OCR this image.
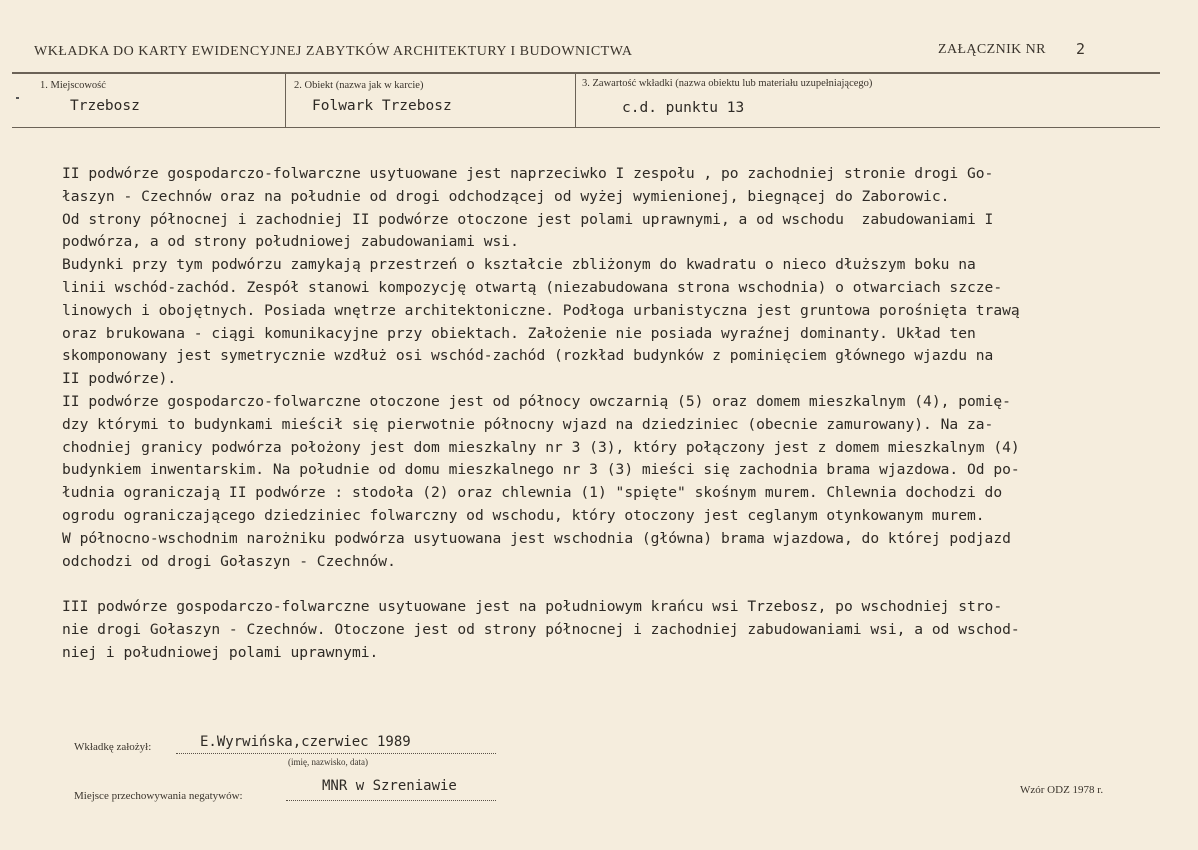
WKŁADKA DO KARTY EWIDENCYJNEJ ZABYTKÓW ARCHITEKTURY I BUDOWNICTWA	ZAŁĄCZNIK NR 2
1. Miejscowość
Trzebosz
2. Obiekt (nazwa jak w karcie)
Folwark Trzebosz
3. Zawartość wkładki (nazwa obiektu lub materiału uzupełniającego)
c.d. punktu 13

II podwórze gospodarczo-folwarczne usytuowane jest naprzeciwko I zespołu , po zachodniej stronie drogi Go-

łaszyn - Czechnów oraz na południe od drogi odchodzącej od wyżej wymienionej, biegnącej do Zaborowic.

Od strony północnej i zachodniej II podwórze otoczone jest polami uprawnymi, a od wschodu  zabudowaniami I

podwórza, a od strony południowej zabudowaniami wsi.

Budynki przy tym podwórzu zamykają przestrzeń o kształcie zbliżonym do kwadratu o nieco dłuższym boku na

linii wschód-zachód. Zespół stanowi kompozycję otwartą (niezabudowana strona wschodnia) o otwarciach szcze-

linowych i obojętnych. Posiada wnętrze architektoniczne. Podłoga urbanistyczna jest gruntowa porośnięta trawą

oraz brukowana - ciągi komunikacyjne przy obiektach. Założenie nie posiada wyraźnej dominanty. Układ ten

skomponowany jest symetrycznie wzdłuż osi wschód-zachód (rozkład budynków z pominięciem głównego wjazdu na

II podwórze).

II podwórze gospodarczo-folwarczne otoczone jest od północy owczarnią (5) oraz domem mieszkalnym (4), pomię-

dzy którymi to budynkami mieścił się pierwotnie północny wjazd na dziedziniec (obecnie zamurowany). Na za-

chodniej granicy podwórza położony jest dom mieszkalny nr 3 (3), który połączony jest z domem mieszkalnym (4)

budynkiem inwentarskim. Na południe od domu mieszkalnego nr 3 (3) mieści się zachodnia brama wjazdowa. Od po-

łudnia ograniczają II podwórze : stodoła (2) oraz chlewnia (1) "spięte" skośnym murem. Chlewnia dochodzi do

ogrodu ograniczającego dziedziniec folwarczny od wschodu, który otoczony jest ceglanym otynkowanym murem.

W północno-wschodnim narożniku podwórza usytuowana jest wschodnia (główna) brama wjazdowa, do której podjazd

odchodzi od drogi Gołaszyn - Czechnów.

III podwórze gospodarczo-folwarczne usytuowane jest na południowym krańcu wsi Trzebosz, po wschodniej stro-

nie drogi Gołaszyn - Czechnów. Otoczone jest od strony północnej i zachodniej zabudowaniami wsi, a od wschod-

niej i południowej polami uprawnymi.

Wkładkę założył:	E.Wyrwińska,czerwiec 1989
(imię, nazwisko, data)
Miejsce przechowywania negatywów:
MNR w Szreniawie	Wzór ODZ 1978 r.
